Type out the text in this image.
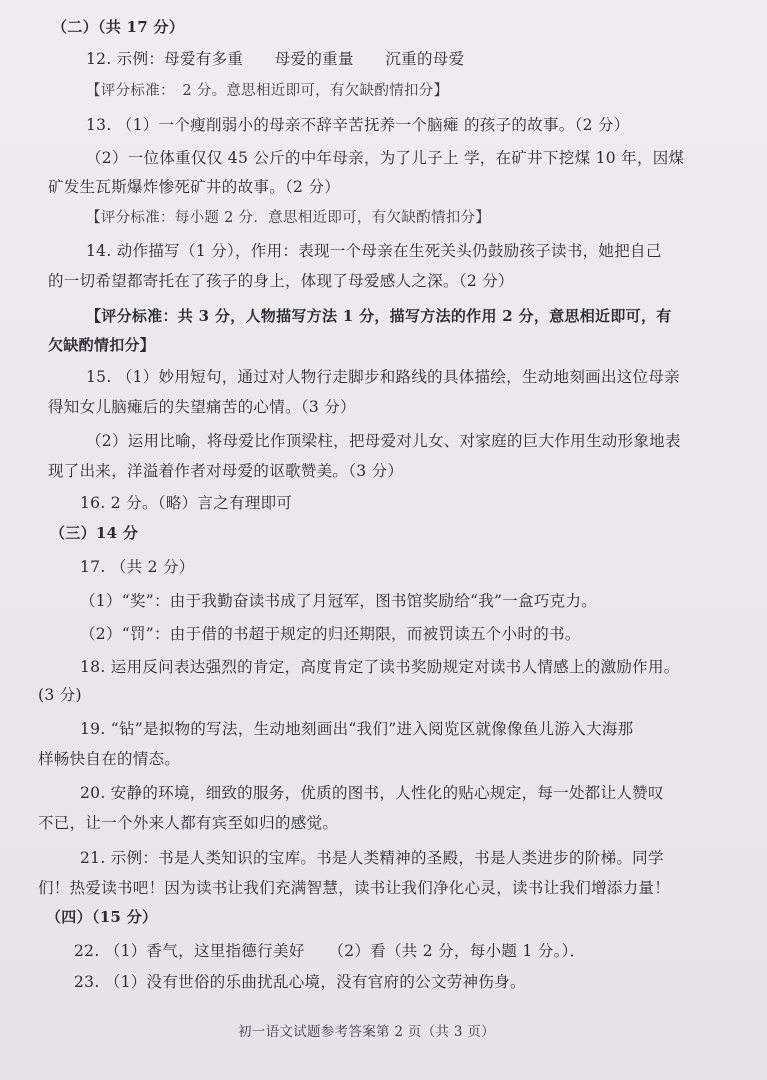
（二）（共 17 分）
12. 示例：母爱有多重　　母爱的重量　　沉重的母爱
【评分标准：　2 分。意思相近即可，有欠缺酌情扣分】
13. （1）一个瘦削弱小的母亲不辞辛苦抚养一个脑瘫 的孩子的故事。（2 分）
（2）一位体重仅仅 45 公斤的中年母亲，为了儿子上 学，在矿井下挖煤 10 年，因煤
矿发生瓦斯爆炸惨死矿井的故事。（2 分）
【评分标准：每小题 2 分．意思相近即可，有欠缺酌情扣分】
14. 动作描写（1 分），作用：表现一个母亲在生死关头仍鼓励孩子读书，她把自己
的一切希望都寄托在了孩子的身上，体现了母爱感人之深。（2 分）
【评分标准：共 3 分，人物描写方法 1 分，描写方法的作用 2 分，意思相近即可，有
欠缺酌情扣分】
15. （1）妙用短句，通过对人物行走脚步和路线的具体描绘，生动地刻画出这位母亲
得知女儿脑瘫后的失望痛苦的心情。（3 分）
（2）运用比喻，将母爱比作顶梁柱，把母爱对儿女、对家庭的巨大作用生动形象地表
现了出来，洋溢着作者对母爱的讴歌赞美。（3 分）
16. 2 分。（略）言之有理即可
（三）14 分
17. （共 2 分）
（1）“奖”：由于我勤奋读书成了月冠军，图书馆奖励给“我”一盒巧克力。
（2）“罚”：由于借的书超于规定的归还期限，而被罚读五个小时的书。
18. 运用反问表达强烈的肯定，高度肯定了读书奖励规定对读书人情感上的激励作用。
(3 分)
19. “钻”是拟物的写法，生动地刻画出“我们”进入阅览区就像像鱼儿游入大海那
样畅快自在的情态。
20. 安静的环境，细致的服务，优质的图书，人性化的贴心规定，每一处都让人赞叹
不已，让一个外来人都有宾至如归的感觉。
21. 示例：书是人类知识的宝库。书是人类精神的圣殿，书是人类进步的阶梯。同学
们！热爱读书吧！因为读书让我们充满智慧，读书让我们净化心灵，读书让我们增添力量！
（四）（15 分）
22. （1）香气，这里指德行美好　　（2）看（共 2 分，每小题 1 分。）．
23. （1）没有世俗的乐曲扰乱心境，没有官府的公文劳神伤身。
初一语文试题参考答案第 2 页（共 3 页）
